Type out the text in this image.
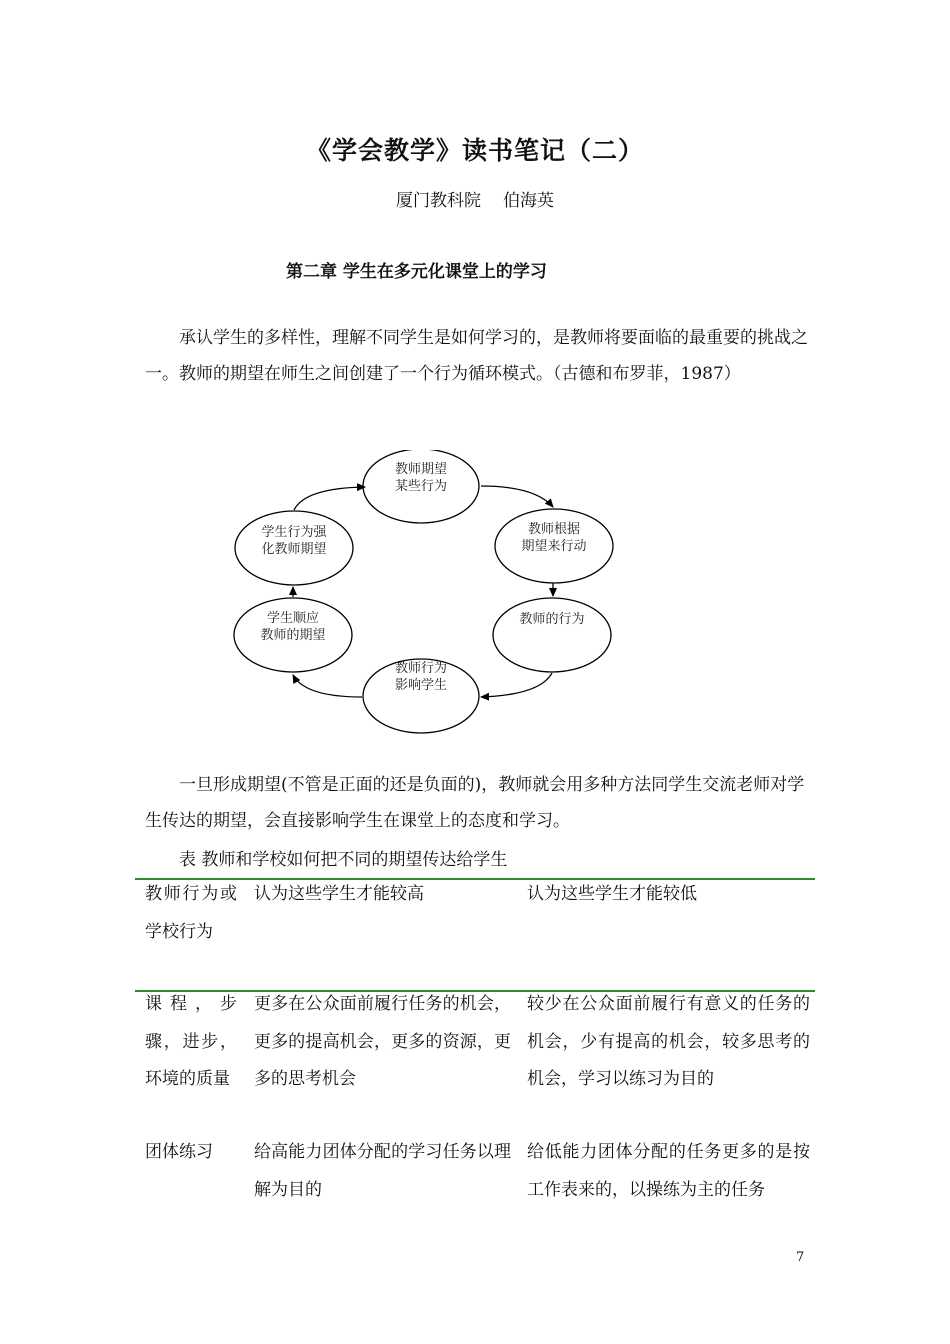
《学会教学》读书笔记（二）
厦门教科院 伯海英
第二章 学生在多元化课堂上的学习
承认学生的多样性，理解不同学生是如何学习的，是教师将要面临的最重要的挑战之一。教师的期望在师生之间创建了一个行为循环模式。（古德和布罗菲，1987）
教师期望某些行为
教师根据期望来行动
教师的行为
教师行为影响学生
学生顺应教师的期望
学生行为强化教师期望
一旦形成期望(不管是正面的还是负面的)，教师就会用多种方法同学生交流老师对学生传达的期望，会直接影响学生在课堂上的态度和学习。
表 教师和学校如何把不同的期望传达给学生
教师行为或学校行为
认为这些学生才能较高	认为这些学生才能较低
课程，步骤，进步，环境的质量
更多在公众面前履行任务的机会，更多的提高机会，更多的资源，更多的思考机会
较少在公众面前履行有意义的任务的机会，少有提高的机会，较多思考的机会，学习以练习为目的
团体练习	给高能力团体分配的学习任务以理解为目的
给低能力团体分配的任务更多的是按工作表来的，以操练为主的任务
7
